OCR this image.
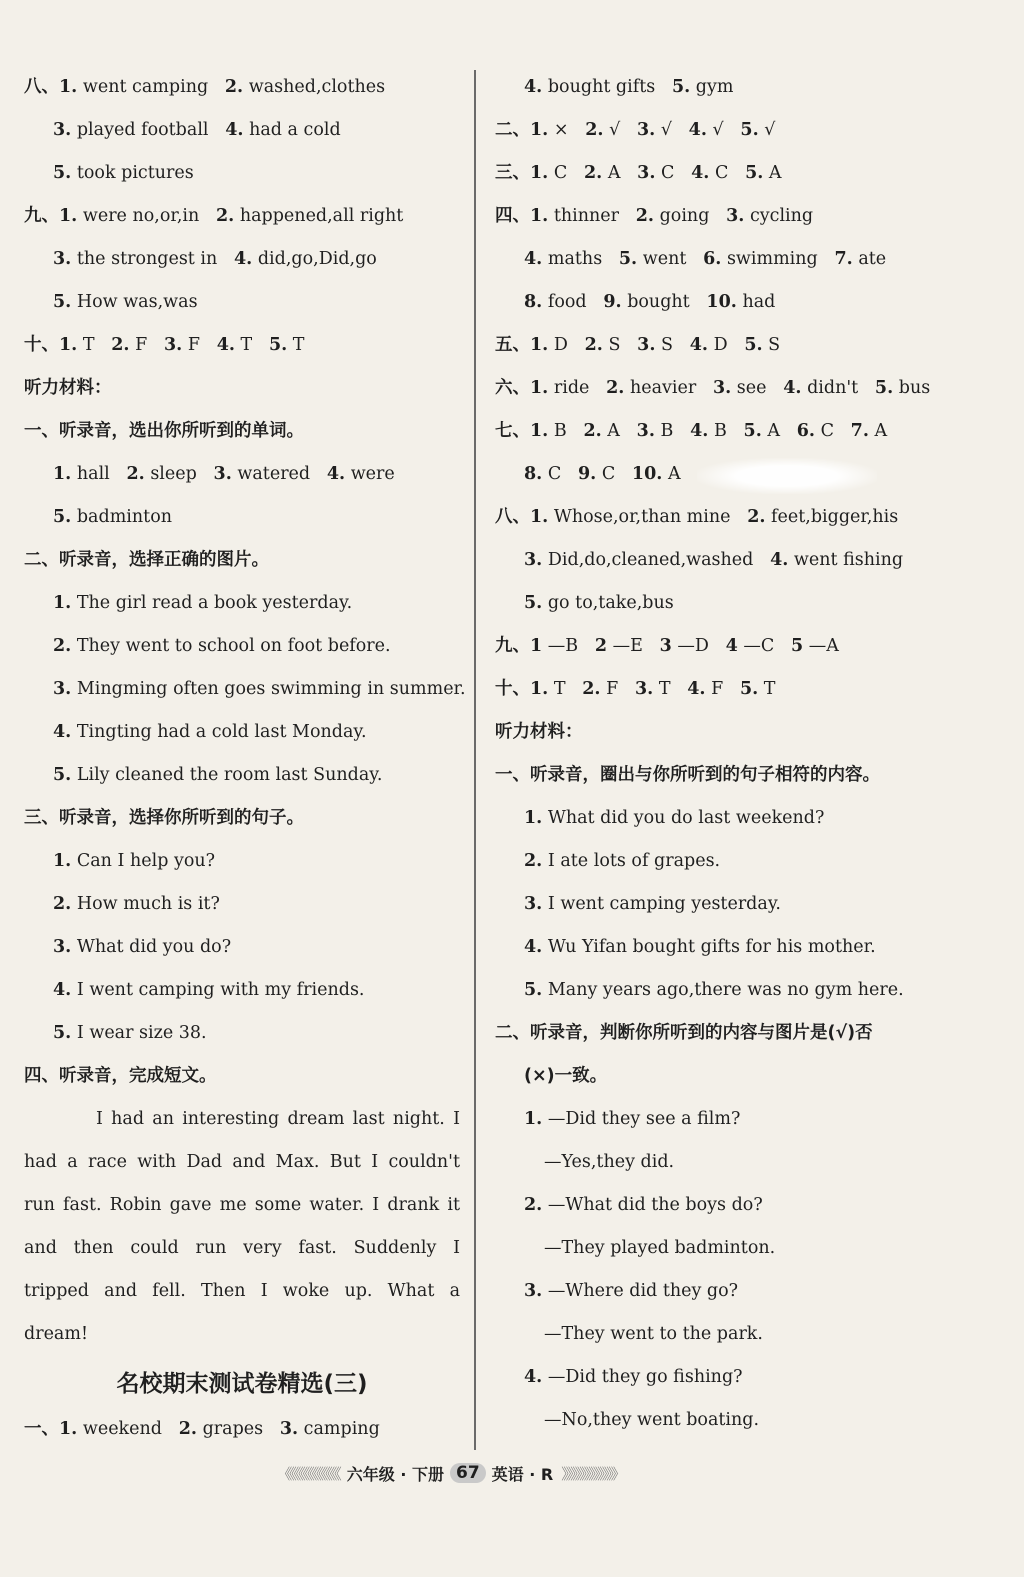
八、1. went camping 2. washed,clothes
3. played football 4. had a cold
5. took pictures
九、1. were no,or,in 2. happened,all right
3. the strongest in 4. did,go,Did,go
5. How was,was
十、1. T 2. F 3. F 4. T 5. T
听力材料：
一、听录音，选出你所听到的单词。
1. hall 2. sleep 3. watered 4. were
5. badminton
二、听录音，选择正确的图片。
1. The girl read a book yesterday.
2. They went to school on foot before.
3. Mingming often goes swimming in summer.
4. Tingting had a cold last Monday.
5. Lily cleaned the room last Sunday.
三、听录音，选择你所听到的句子。
1. Can I help you?
2. How much is it?
3. What did you do?
4. I went camping with my friends.
5. I wear size 38.
四、听录音，完成短文。

I had an interesting dream last night. I

had a race with Dad and Max. But I couldn't

run fast. Robin gave me some water. I drank it

and then could run very fast. Suddenly I

tripped and fell. Then I woke up. What a

dream!

名校期末测试卷精选(三)
一、1. weekend 2. grapes 3. camping
4. bought gifts 5. gym
二、1. × 2. √ 3. √ 4. √ 5. √
三、1. C 2. A 3. C 4. C 5. A
四、1. thinner 2. going 3. cycling
4. maths 5. went 6. swimming 7. ate
8. food 9. bought 10. had
五、1. D 2. S 3. S 4. D 5. S
六、1. ride 2. heavier 3. see 4. didn't 5. bus
七、1. B 2. A 3. B 4. B 5. A 6. C 7. A
8. C 9. C 10. A
八、1. Whose,or,than mine 2. feet,bigger,his
3. Did,do,cleaned,washed 4. went fishing
5. go to,take,bus
九、1 —B 2 —E 3 —D 4 —C 5 —A
十、1. T 2. F 3. T 4. F 5. T
听力材料：
一、听录音，圈出与你所听到的句子相符的内容。
1. What did you do last weekend?
2. I ate lots of grapes.
3. I went camping yesterday.
4. Wu Yifan bought gifts for his mother.
5. Many years ago,there was no gym here.
二、听录音，判断你所听到的内容与图片是(√)否
(×)一致。
1. —Did they see a film?
—Yes,they did.
2. —What did the boys do?
—They played badminton.
3. —Where did they go?
—They went to the park.
4. —Did they go fishing?
—No,they went boating.
《《《《《《《《《《《《 六年级 · 下册 67 英语 · R 》》》》》》》》》》》》
